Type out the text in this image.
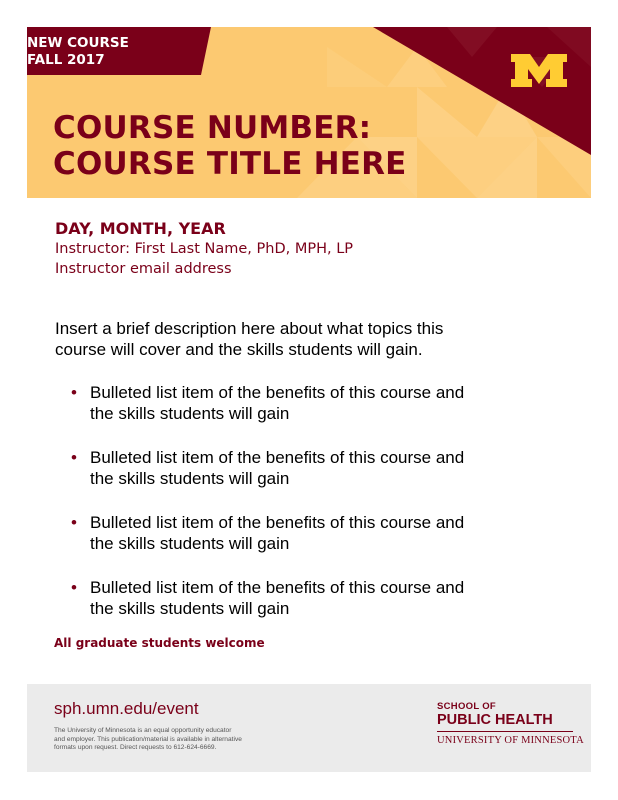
NEW COURSE
FALL 2017
COURSE NUMBER:
COURSE TITLE HERE
DAY, MONTH, YEAR
Instructor: First Last Name, PhD, MPH, LP
Instructor email address

Insert a brief description here about what topics this
course will cover and the skills students will gain.

• Bulleted list item of the benefits of this course and
the skills students will gain
• Bulleted list item of the benefits of this course and
the skills students will gain
• Bulleted list item of the benefits of this course and
the skills students will gain
• Bulleted list item of the benefits of this course and
the skills students will gain
All graduate students welcome
sph.umn.edu/event
The University of Minnesota is an equal opportunity educator
and employer. This publication/material is available in alternative
formats upon request. Direct requests to 612-624-6669.
SCHOOL OF
PUBLIC HEALTH
UNIVERSITY OF MINNESOTA
